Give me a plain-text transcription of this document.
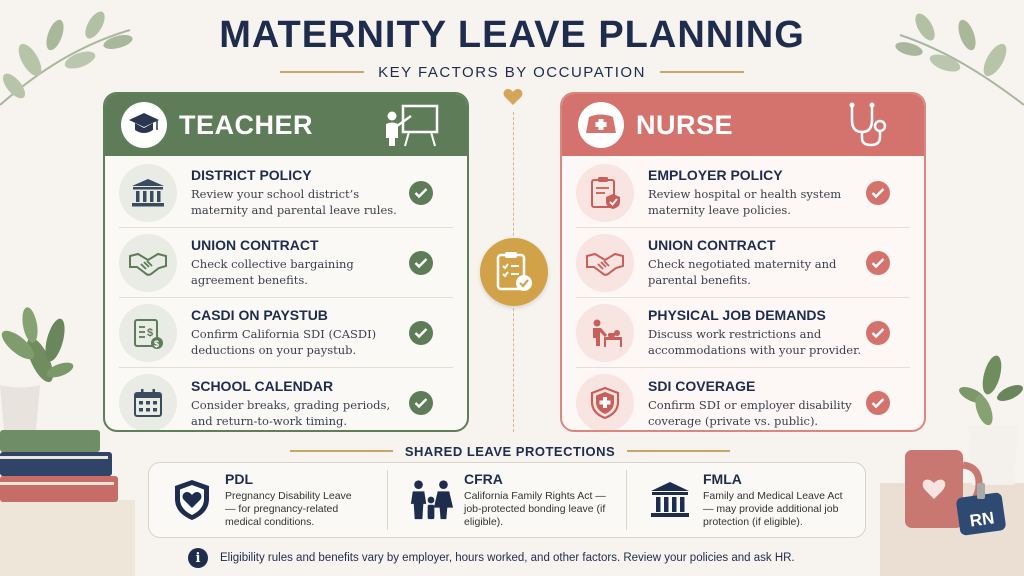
RN
MATERNITY LEAVE PLANNING
KEY FACTORS BY OCCUPATION
TEACHER
DISTRICT POLICY
Review your school district’s maternity and parental leave rules.
UNION CONTRACT
Check collective bargaining agreement benefits.
$
$
CASDI ON PAYSTUB
Confirm California SDI (CASDI) deductions on your paystub.
SCHOOL CALENDAR
Consider breaks, grading periods, and return-to-work timing.
NURSE
EMPLOYER POLICY
Review hospital or health system maternity leave policies.
UNION CONTRACT
Check negotiated maternity and parental benefits.
PHYSICAL JOB DEMANDS
Discuss work restrictions and accommodations with your provider.
SDI COVERAGE
Confirm SDI or employer disability coverage (private vs. public).
SHARED LEAVE PROTECTIONS
PDL
Pregnancy Disability Leave — for pregnancy-related medical conditions.
CFRA
California Family Rights Act — job-protected bonding leave (if eligible).
FMLA
Family and Medical Leave Act — may provide additional job protection (if eligible).
i	Eligibility rules and benefits vary by employer, hours worked, and other factors. Review your policies and ask HR.
